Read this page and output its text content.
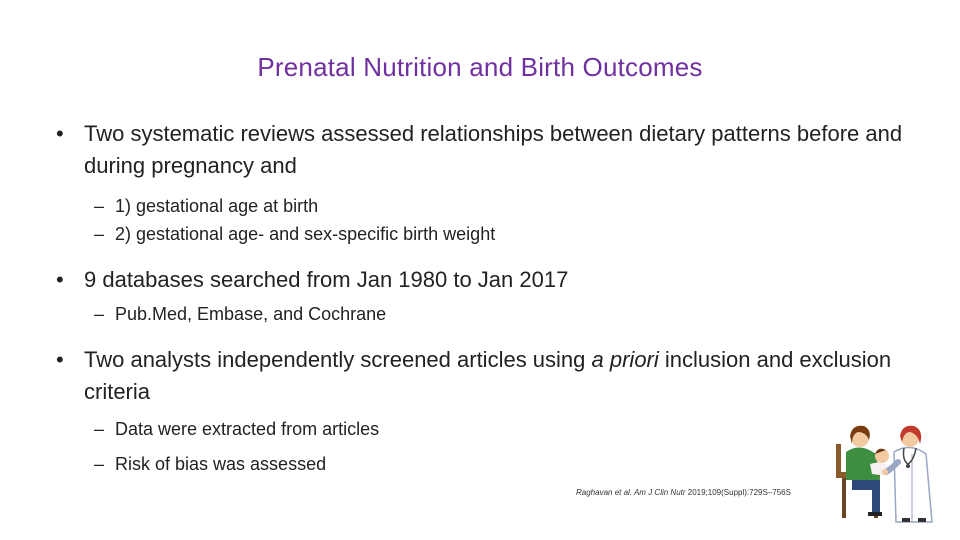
Prenatal Nutrition and Birth Outcomes
• Two systematic reviews assessed relationships between dietary patterns before and during pregnancy and
– 1) gestational age at birth
– 2) gestational age- and sex-specific birth weight
• 9 databases searched from Jan 1980 to Jan 2017
– Pub.Med, Embase, and Cochrane
• Two analysts independently screened articles using a priori inclusion and exclusion criteria
– Data were extracted from articles
– Risk of bias was assessed
Raghavan et al. Am J Clin Nutr 2019;109(Suppl):729S–756S
